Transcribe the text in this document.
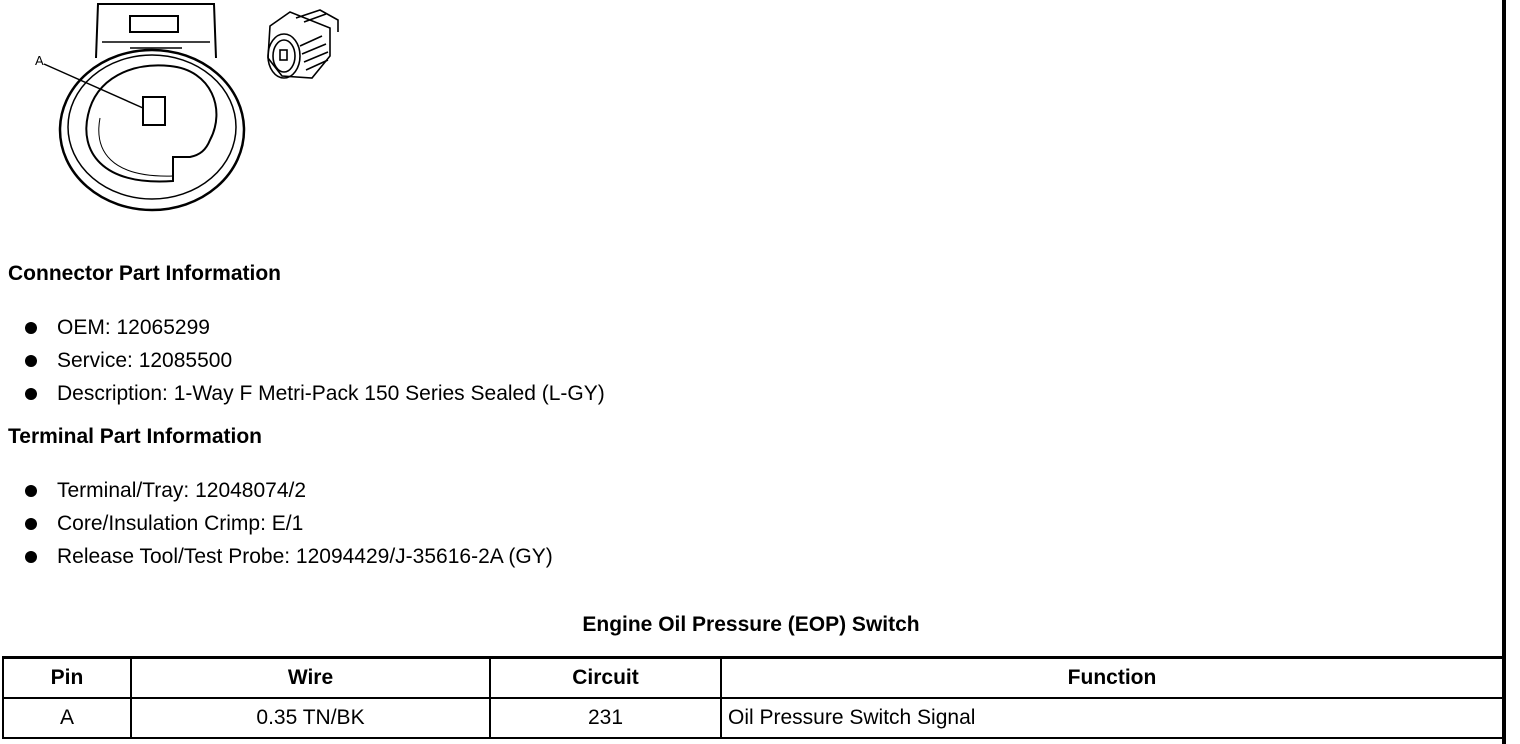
A
Connector Part Information
OEM: 12065299
Service: 12085500
Description: 1-Way F Metri-Pack 150 Series Sealed (L-GY)
Terminal Part Information
Terminal/Tray: 12048074/2
Core/Insulation Crimp: E/1
Release Tool/Test Probe: 12094429/J-35616-2A (GY)
Engine Oil Pressure (EOP) Switch
Pin	Wire	Circuit	Function
A	0.35 TN/BK	231	Oil Pressure Switch Signal
